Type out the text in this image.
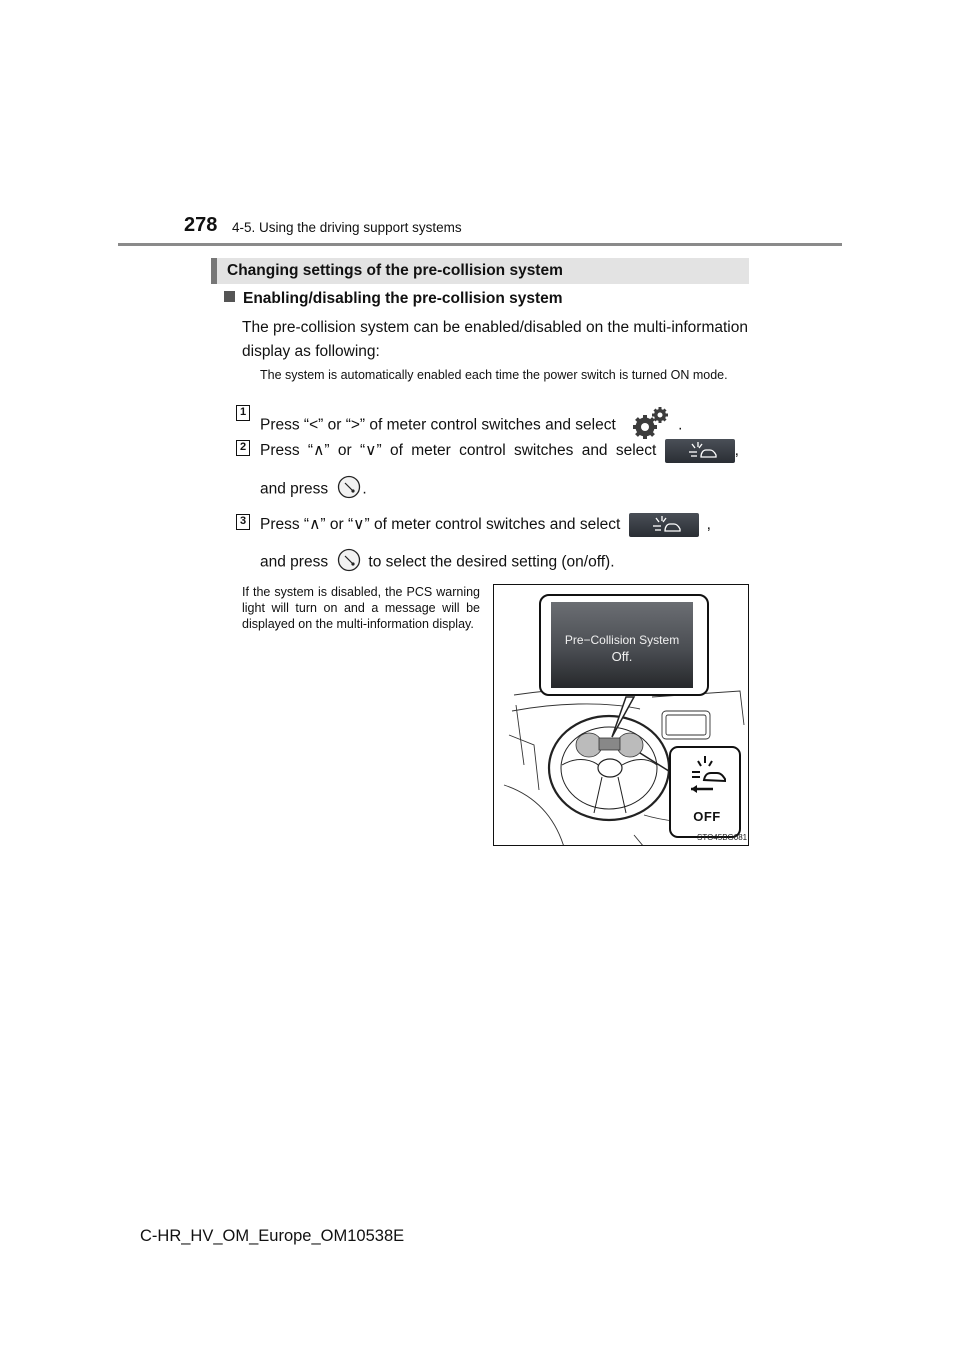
278 4-5. Using the driving support systems
Changing settings of the pre-collision system
Enabling/disabling the pre-collision system
The pre-collision system can be enabled/disabled on the multi-information display as following:
The system is automatically enabled each time the power switch is turned ON mode.
1
Press “<” or “>” of meter control switches and select	.
2 Press “∧” or “∨” of meter control switches and select	,
and press .
3 Press “∧” or “∨” of meter control switches and select	,
and press	to select the desired setting (on/off).
If the system is disabled, the PCS warning light will turn on and a message will be displayed on the multi-information display.
Pre−Collision System
Off.
OFF
STO45BG081
C-HR_HV_OM_Europe_OM10538E
